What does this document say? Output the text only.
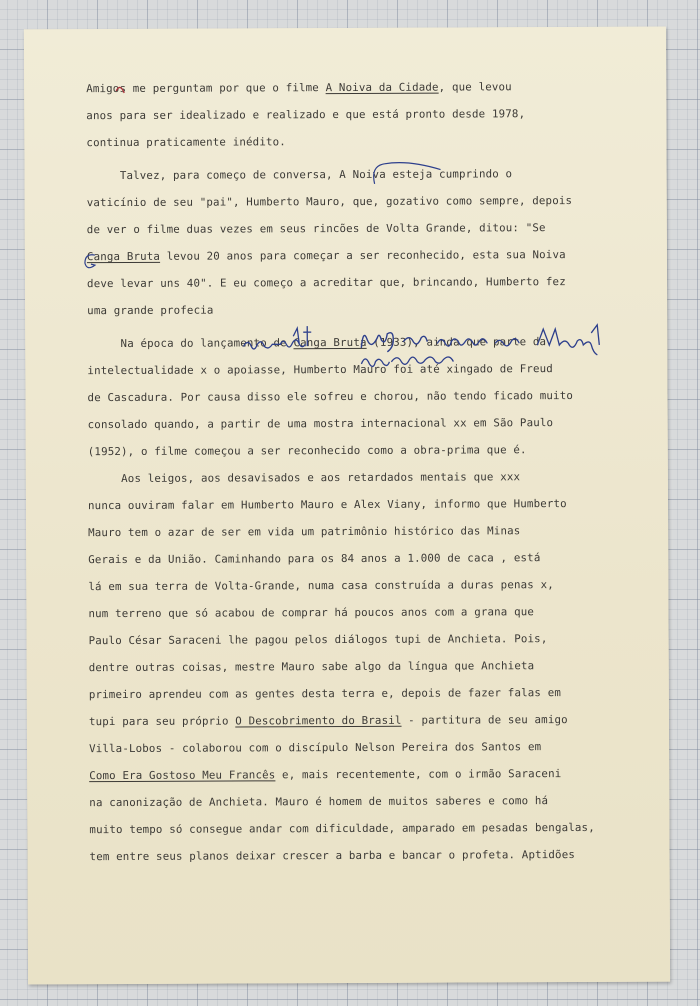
Amigos me perguntam por que o filme A Noiva da Cidade, que levou
anos para ser idealizado e realizado e que está pronto desde 1978,
continua praticamente inédito.
Talvez, para começo de conversa, A Noiva esteja cumprindo o
vaticínio de seu "pai", Humberto Mauro, que, gozativo como sempre, depois
de ver o filme duas vezes em seus rincões de Volta Grande, ditou: "Se
Canga Bruta levou 20 anos para começar a ser reconhecido, esta sua Noiva
deve levar uns 40". E eu começo a acreditar que, brincando, Humberto fez
uma grande profecia
Na época do lançamento de Canga Bruta (1933), ainda que parte da
intelectualidade x o apoiasse, Humberto Mauro foi até xingado de Freud
de Cascadura. Por causa disso ele sofreu e chorou, não tendo ficado muito
consolado quando, a partir de uma mostra internacional xx em São Paulo
(1952), o filme começou a ser reconhecido como a obra-prima que é.
Aos leigos, aos desavisados e aos retardados mentais que xxx
nunca ouviram falar em Humberto Mauro e Alex Viany, informo que Humberto
Mauro tem o azar de ser em vida um patrimônio histórico das Minas
Gerais e da União. Caminhando para os 84 anos a 1.000 de caca , está
lá em sua terra de Volta-Grande, numa casa construída a duras penas x,
num terreno que só acabou de comprar há poucos anos com a grana que
Paulo César Saraceni lhe pagou pelos diálogos tupi de Anchieta. Pois,
dentre outras coisas, mestre Mauro sabe algo da língua que Anchieta
primeiro aprendeu com as gentes desta terra e, depois de fazer falas em
tupi para seu próprio O Descobrimento do Brasil - partitura de seu amigo
Villa-Lobos - colaborou com o discípulo Nelson Pereira dos Santos em
Como Era Gostoso Meu Francês e, mais recentemente, com o irmão Saraceni
na canonização de Anchieta. Mauro é homem de muitos saberes e como há
muito tempo só consegue andar com dificuldade, amparado em pesadas bengalas,
tem entre seus planos deixar crescer a barba e bancar o profeta. Aptidões
